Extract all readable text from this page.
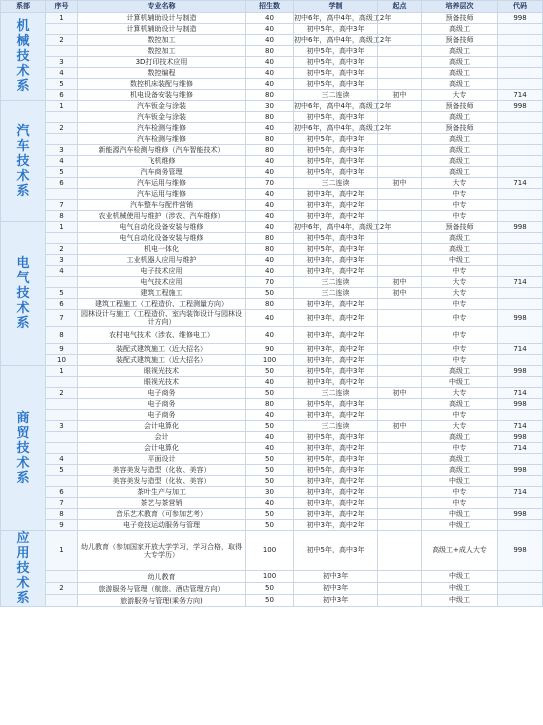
系部	序号	专业名称	招生数	学制	起点	培养层次	代码

机械技术系	1	计算机辅助设计与制造	40	初中6年，高中4年，高级工2年		预备技师	998
		计算机辅助设计与制造	40	初中5年，高中3年		高级工	
	2	数控加工	40	初中6年，高中4年，高级工2年		预备技师	
		数控加工	80	初中5年，高中3年		高级工	
	3	3D打印技术应用	40	初中5年，高中3年		高级工	
	4	数控编程	40	初中5年，高中3年		高级工	
	5	数控机床装配与维修	40	初中5年，高中3年		高级工	
	6	机电设备安装与维修	80	三二连读	初中	大专	714

汽车技术系	1	汽车钣金与涂装	30	初中6年，高中4年，高级工2年		预备技师	998
		汽车钣金与涂装	80	初中5年，高中3年		高级工	
	2	汽车检测与维修	40	初中6年，高中4年，高级工2年		预备技师	
		汽车检测与维修	80	初中5年，高中3年		高级工	
	3	新能源汽车检测与维修（汽车智能技术）	80	初中5年，高中3年		高级工	
	4	飞机维修	40	初中5年，高中3年		高级工	
	5	汽车商务管理	40	初中5年，高中3年		高级工	
	6	汽车运用与维修	70	三二连读	初中	大专	714
		汽车运用与维修	40	初中3年，高中2年		中专	
	7	汽车整车与配件营销	40	初中3年，高中2年		中专	
	8	农业机械使用与维护（涉农、汽车维修）	40	初中3年，高中2年		中专	

电气技术系	1	电气自动化设备安装与维修	40	初中6年，高中4年，高级工2年		预备技师	998
		电气自动化设备安装与维修	80	初中5年，高中3年		高级工	
	2	机电一体化	80	初中5年，高中3年		高级工	
	3	工业机器人应用与维护	40	初中3年，高中3年		中级工	
	4	电子技术应用	40	初中3年，高中2年		中专	
		电气技术应用	70	三二连读	初中	大专	714
	5	建筑工程施工	50	三二连读	初中	大专	
	6	建筑工程施工（工程造价、工程测量方向）	80	初中3年，高中2年		中专	
	7	园林设计与施工（工程造价、室内装饰设计与园林设计方向）	40	初中3年，高中2年		中专	998
	8	农村电气技术（涉农、维修电工）	40	初中3年，高中2年		中专	
	9	装配式建筑施工（近大招名）	90	初中3年，高中2年		中专	714
	10	装配式建筑施工（近大招名）	100	初中3年，高中2年		中专	

商贸技术系	1	眼视光技术	50	初中5年，高中3年		高级工	998
		眼视光技术	40	初中3年，高中2年		中级工	
	2	电子商务	50	三二连读	初中	大专	714
		电子商务	80	初中5年，高中3年		高级工	998
		电子商务	40	初中3年，高中2年		中专	
	3	会计电算化	50	三二连读	初中	大专	714
		会计	40	初中5年，高中3年		高级工	998
		会计电算化	40	初中3年，高中2年		中专	714
	4	平面设计	50	初中5年，高中3年		高级工	
	5	美容美发与造型（化妆、美容）	50	初中5年，高中3年		高级工	998
		美容美发与造型（化妆、美容）	50	初中3年，高中2年		中级工	
	6	茶叶生产与加工	30	初中3年，高中2年		中专	714
	7	茶艺与茶营销	40	初中3年，高中2年		中专	
	8	音乐艺术教育（可参加艺考）	50	初中3年，高中2年		中级工	998
	9	电子竞技运动服务与管理	50	初中3年，高中2年		中级工	

应用技术系	1	幼儿教育（参加国家开放大学学习，学习合格，取得大专学历）	100	初中5年，高中3年		高级工+成人大专	998
		幼儿教育	100	初中3年		中级工	
	2	旅游服务与管理（航旅、酒店管理方向）	50	初中3年		中级工	
		旅游服务与管理(乘务方向)	50	初中3年		中级工	
